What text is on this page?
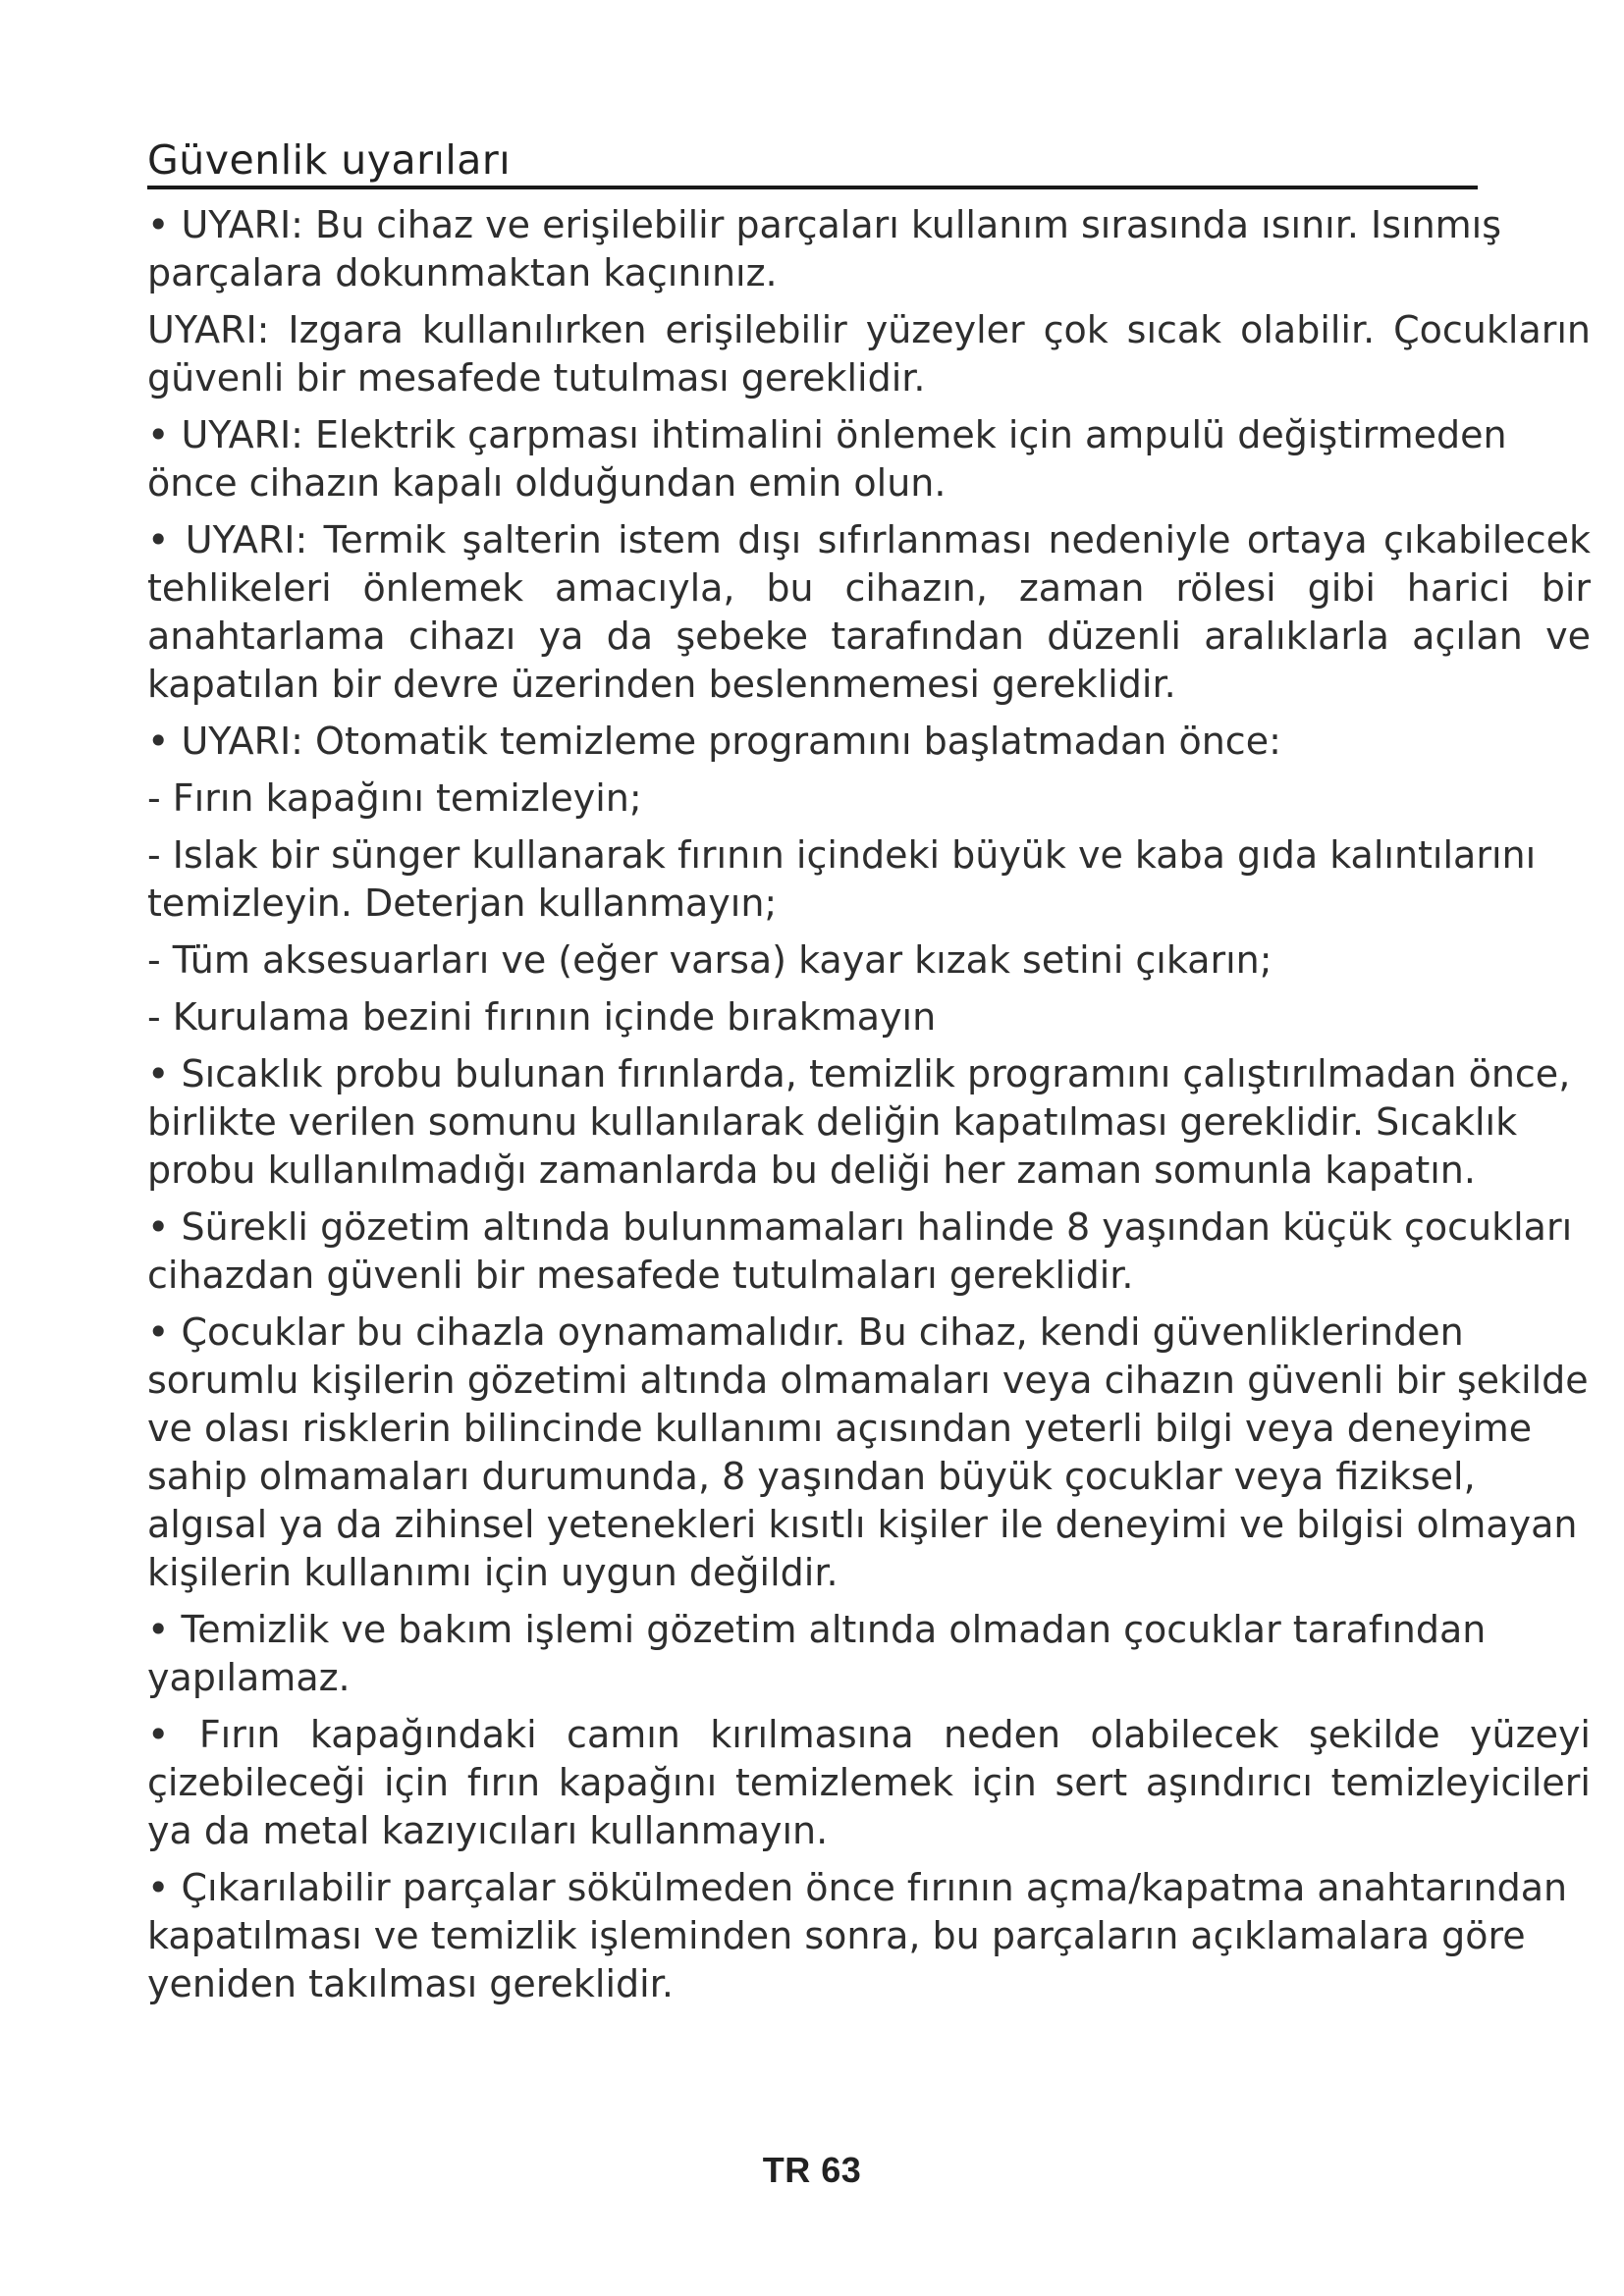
Güvenlik uyarıları

• UYARI: Bu cihaz ve erişilebilir parçaları kullanım sırasında ısınır. Isınmış parçalara dokunmaktan kaçınınız.

UYARI: Izgara kullanılırken erişilebilir yüzeyler çok sıcak olabilir. Çocukların güvenli bir mesafede tutulması gereklidir.

• UYARI: Elektrik çarpması ihtimalini önlemek için ampulü değiştirmeden önce cihazın kapalı olduğundan emin olun.

• UYARI: Termik şalterin istem dışı sıfırlanması nedeniyle ortaya çıkabilecek tehlikeleri önlemek amacıyla, bu cihazın, zaman rölesi gibi harici bir anahtarlama cihazı ya da şebeke tarafından düzenli aralıklarla açılan ve kapatılan bir devre üzerinden beslenmemesi gereklidir.

• UYARI: Otomatik temizleme programını başlatmadan önce:

- Fırın kapağını temizleyin;

- Islak bir sünger kullanarak fırının içindeki büyük ve kaba gıda kalıntılarını temizleyin. Deterjan kullanmayın;

- Tüm aksesuarları ve (eğer varsa) kayar kızak setini çıkarın;

- Kurulama bezini fırının içinde bırakmayın

• Sıcaklık probu bulunan fırınlarda, temizlik programını çalıştırılmadan önce, birlikte verilen somunu kullanılarak deliğin kapatılması gereklidir. Sıcaklık probu kullanılmadığı zamanlarda bu deliği her zaman somunla kapatın.

• Sürekli gözetim altında bulunmamaları halinde 8 yaşından küçük çocukları cihazdan güvenli bir mesafede tutulmaları gereklidir.

• Çocuklar bu cihazla oynamamalıdır. Bu cihaz, kendi güvenliklerinden sorumlu kişilerin gözetimi altında olmamaları veya cihazın güvenli bir şekilde ve olası risklerin bilincinde kullanımı açısından yeterli bilgi veya deneyime sahip olmamaları durumunda, 8 yaşından büyük çocuklar veya fiziksel, algısal ya da zihinsel yetenekleri kısıtlı kişiler ile deneyimi ve bilgisi olmayan kişilerin kullanımı için uygun değildir.

• Temizlik ve bakım işlemi gözetim altında olmadan çocuklar tarafından yapılamaz.

• Fırın kapağındaki camın kırılmasına neden olabilecek şekilde yüzeyi çizebileceği için fırın kapağını temizlemek için sert aşındırıcı temizleyicileri ya da metal kazıyıcıları kullanmayın.

• Çıkarılabilir parçalar sökülmeden önce fırının açma/kapatma anahtarından kapatılması ve temizlik işleminden sonra, bu parçaların açıklamalara göre yeniden takılması gereklidir.

TR 63
